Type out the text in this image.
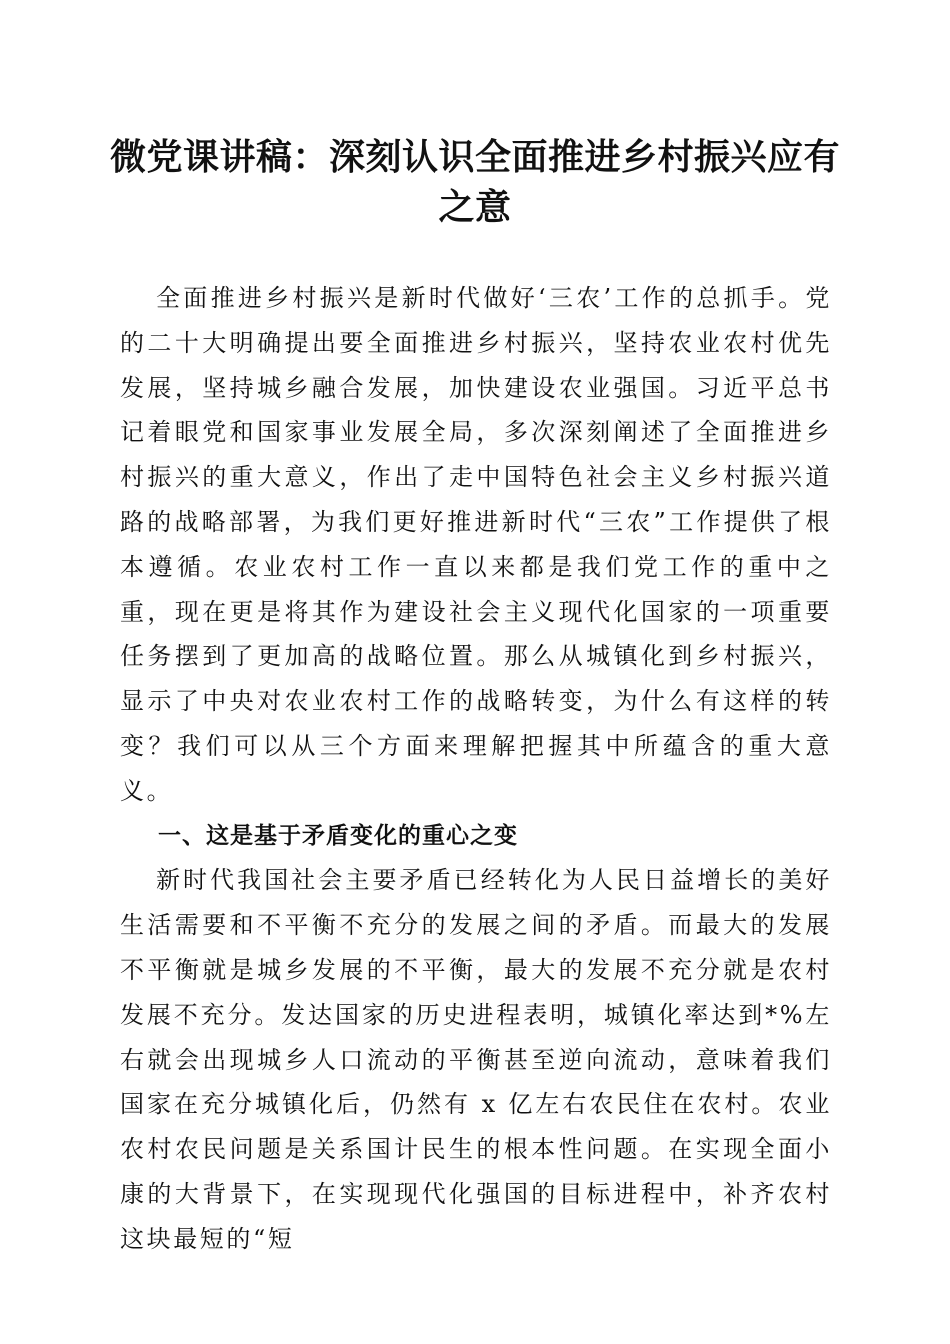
微党课讲稿：深刻认识全面推进乡村振兴应有之意

全面推进乡村振兴是新时代做好‘三农’工作的总抓手。党的二十大明确提出要全面推进乡村振兴，坚持农业农村优先发展，坚持城乡融合发展，加快建设农业强国。习近平总书记着眼党和国家事业发展全局，多次深刻阐述了全面推进乡村振兴的重大意义，作出了走中国特色社会主义乡村振兴道路的战略部署，为我们更好推进新时代“三农”工作提供了根本遵循。农业农村工作一直以来都是我们党工作的重中之重，现在更是将其作为建设社会主义现代化国家的一项重要任务摆到了更加高的战略位置。那么从城镇化到乡村振兴，显示了中央对农业农村工作的战略转变，为什么有这样的转变？我们可以从三个方面来理解把握其中所蕴含的重大意义。

一、这是基于矛盾变化的重心之变

新时代我国社会主要矛盾已经转化为人民日益增长的美好生活需要和不平衡不充分的发展之间的矛盾。而最大的发展不平衡就是城乡发展的不平衡，最大的发展不充分就是农村发展不充分。发达国家的历史进程表明，城镇化率达到*%左右就会出现城乡人口流动的平衡甚至逆向流动，意味着我们国家在充分城镇化后，仍然有 x 亿左右农民住在农村。农业农村农民问题是关系国计民生的根本性问题。在实现全面小康的大背景下，在实现现代化强国的目标进程中，补齐农村这块最短的“短
